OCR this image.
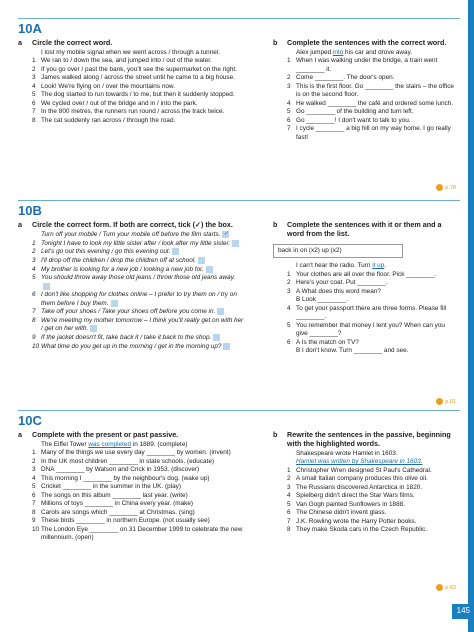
145
10A
a	Circle the correct word.
I lost my mobile signal when we went across / through a tunnel.
1 We ran to / down the sea, and jumped into / out of the water.
2 If you go over / past the bank, you'll see the supermarket on the right.
3 James walked along / across the street until he came to a big house.
4 Look! We're flying on / over the mountains now.
5 The dog started to run towards / to me, but then it suddenly stopped.
6 We cycled over / out of the bridge and in / into the park.
7 In the 800 metres, the runners run round / across the track twice.
8 The cat suddenly ran across / through the road.
b	Complete the sentences with the correct word.
Alex jumped into his car and drove away.
1 When I was walking under the bridge, a train went ________ it.
2 Come ________. The door's open.
3 This is the first floor. Go ________ the stairs – the office is on the second floor.
4 He walked ________ the café and ordered some lunch.
5 Go ________ of the building and turn left.
6 Go ________! I don't want to talk to you.
7 I cycle ________ a big hill on my way home. I go really fast!
p.78
10B
a	Circle the correct form. If both are correct, tick (✓) the box.
Turn off your mobile / Turn your mobile off before the film starts. ✓
1 Tonight I have to look my little sister after / look after my little sister.
2 Let's go out this evening / go this evening out.
3 I'll drop off the children / drop the children off at school.
4 My brother is looking for a new job / looking a new job for.
5 You should throw away those old jeans / throw those old jeans away.
6 I don't like shopping for clothes online – I prefer to try them on / try on them before I buy them.
7 Take off your shoes / Take your shoes off before you come in.
8 We're meeting my mother tomorrow – I think you'll really get on with her / get on her with.
9 If the jacket doesn't fit, take back it / take it back to the shop.
10 What time do you get up in the morning / get in the morning up?
b	Complete the sentences with it or them and a word from the list.
back in on (x2) up (x2)
I can't hear the radio. Turn it up.
1 Your clothes are all over the floor. Pick ________.
2 Here's your coat. Put ________.
3 A What does this word mean?
B Look ________.
4 To get your passport there are three forms. Please fill ________.
5 You remember that money I lent you? When can you give ________?
6 A Is the match on TV?
B I don't know. Turn ________ and see.
p.81
10C
a	Complete with the present or past passive.
The Eiffel Tower was completed in 1889. (complete)
1 Many of the things we use every day ________ by women. (invent)
2 In the UK most children ________ in state schools. (educate)
3 DNA ________ by Watson and Crick in 1953. (discover)
4 This morning I ________ by the neighbour's dog. (wake up)
5 Cricket ________ in the summer in the UK. (play)
6 The songs on this album ________ last year. (write)
7 Millions of toys ________ in China every year. (make)
8 Carols are songs which ________ at Christmas. (sing)
9 These birds ________ in northern Europe. (not usually see)
10 The London Eye ________ on 31 December 1999 to celebrate the new millennium. (open)
b	Rewrite the sentences in the passive, beginning with the highlighted words.
Shakespeare wrote Hamlet in 1603.
Hamlet was written by Shakespeare in 1603.
1 Christopher Wren designed St Paul's Cathedral.
2 A small Italian company produces this olive oil.
3 The Russians discovered Antarctica in 1820.
4 Spielberg didn't direct the Star Wars films.
5 Van Gogh painted Sunflowers in 1888.
6 The Chinese didn't invent glass.
7 J.K. Rowling wrote the Harry Potter books.
8 They make Skoda cars in the Czech Republic.
p.83
